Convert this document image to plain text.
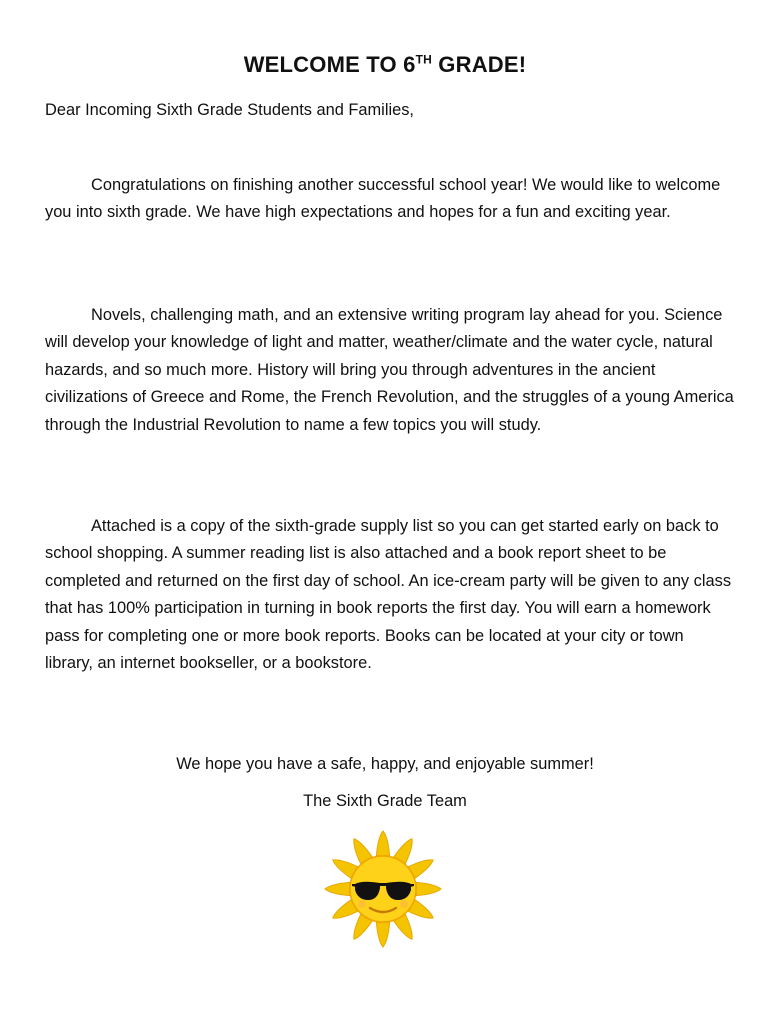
WELCOME TO 6TH GRADE!
Dear Incoming Sixth Grade Students and Families,
Congratulations on finishing another successful school year! We would like to welcome you into sixth grade. We have high expectations and hopes for a fun and exciting year.
Novels, challenging math, and an extensive writing program lay ahead for you. Science will develop your knowledge of light and matter, weather/climate and the water cycle, natural hazards, and so much more. History will bring you through adventures in the ancient civilizations of Greece and Rome, the French Revolution, and the struggles of a young America through the Industrial Revolution to name a few topics you will study.
Attached is a copy of the sixth-grade supply list so you can get started early on back to school shopping. A summer reading list is also attached and a book report sheet to be completed and returned on the first day of school. An ice-cream party will be given to any class that has 100% participation in turning in book reports the first day. You will earn a homework pass for completing one or more book reports. Books can be located at your city or town library, an internet bookseller, or a bookstore.
We hope you have a safe, happy, and enjoyable summer!
The Sixth Grade Team
